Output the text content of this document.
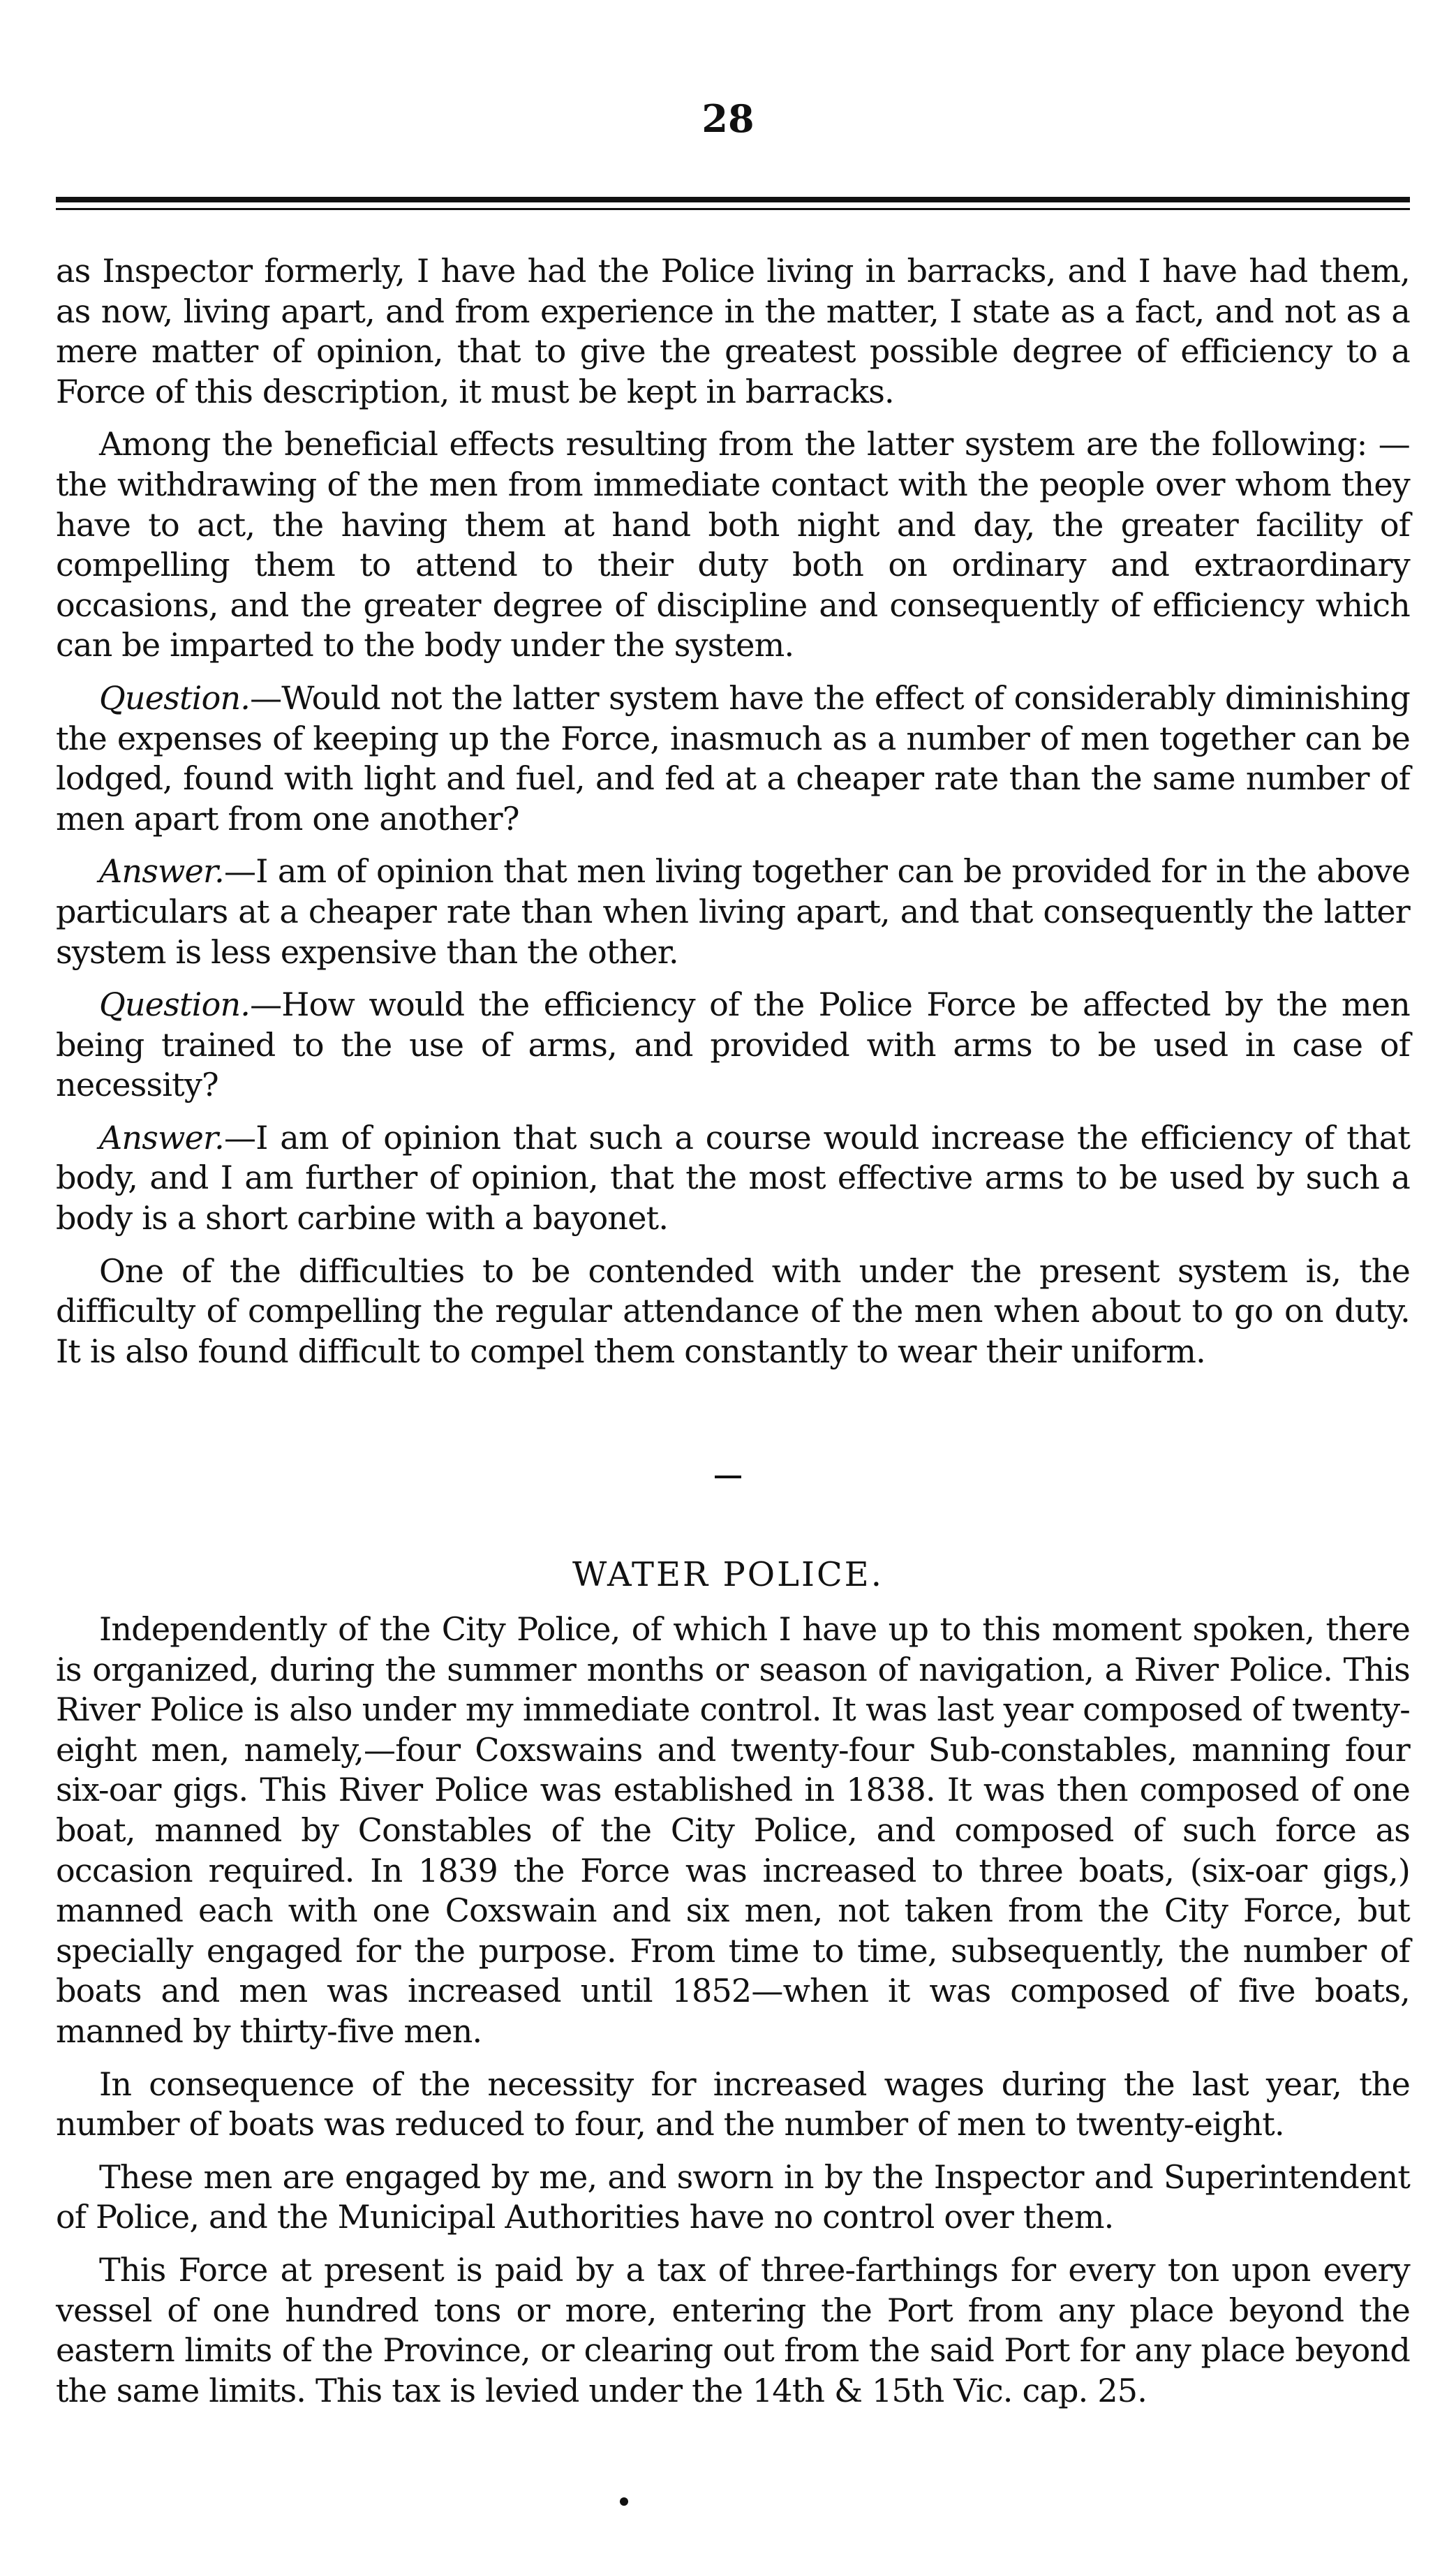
28

as Inspector formerly, I have had the Police living in barracks, and I have had them, as now, living apart, and from experience in the matter, I state as a fact, and not as a mere matter of opinion, that to give the greatest possible degree of efficiency to a Force of this description, it must be kept in barracks.

Among the beneficial effects resulting from the latter system are the following: —the withdrawing of the men from immediate contact with the people over whom they have to act, the having them at hand both night and day, the greater facility of compelling them to attend to their duty both on ordinary and extraordinary occasions, and the greater degree of discipline and consequently of efficiency which can be imparted to the body under the system.

Question.—Would not the latter system have the effect of considerably diminishing the expenses of keeping up the Force, inasmuch as a number of men together can be lodged, found with light and fuel, and fed at a cheaper rate than the same number of men apart from one another?

Answer.—I am of opinion that men living together can be provided for in the above particulars at a cheaper rate than when living apart, and that consequently the latter system is less expensive than the other.

Question.—How would the efficiency of the Police Force be affected by the men being trained to the use of arms, and provided with arms to be used in case of necessity?

Answer.—I am of opinion that such a course would increase the efficiency of that body, and I am further of opinion, that the most effective arms to be used by such a body is a short carbine with a bayonet.

One of the difficulties to be contended with under the present system is, the difficulty of compelling the regular attendance of the men when about to go on duty. It is also found difficult to compel them constantly to wear their uniform.

WATER POLICE.

Independently of the City Police, of which I have up to this moment spoken, there is organized, during the summer months or season of navigation, a River Police. This River Police is also under my immediate control. It was last year composed of twenty-eight men, namely,—four Coxswains and twenty-four Sub-constables, manning four six-oar gigs. This River Police was established in 1838. It was then composed of one boat, manned by Constables of the City Police, and composed of such force as occasion required. In 1839 the Force was increased to three boats, (six-oar gigs,) manned each with one Coxswain and six men, not taken from the City Force, but specially engaged for the purpose. From time to time, subsequently, the number of boats and men was increased until 1852—when it was composed of five boats, manned by thirty-five men.

In consequence of the necessity for increased wages during the last year, the number of boats was reduced to four, and the number of men to twenty-eight.

These men are engaged by me, and sworn in by the Inspector and Superintendent of Police, and the Municipal Authorities have no control over them.

This Force at present is paid by a tax of three-farthings for every ton upon every vessel of one hundred tons or more, entering the Port from any place beyond the eastern limits of the Province, or clearing out from the said Port for any place beyond the same limits. This tax is levied under the 14th & 15th Vic. cap. 25.
